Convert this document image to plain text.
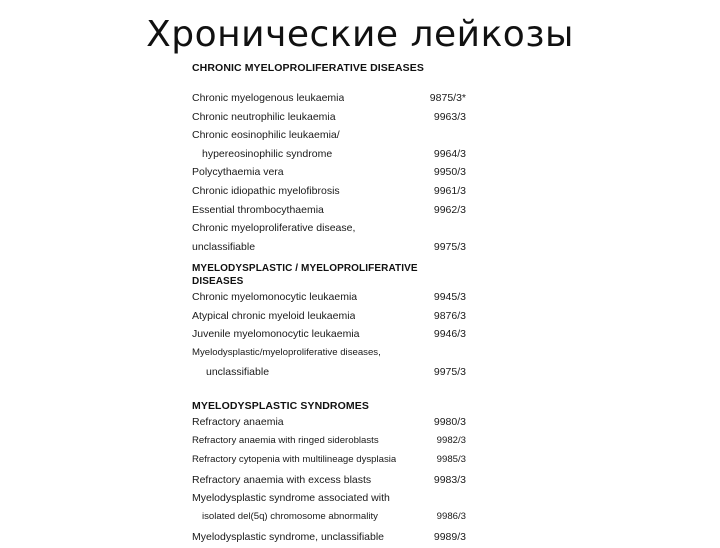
Хронические лейкозы
CHRONIC MYELOPROLIFERATIVE DISEASES
Chronic myelogenous leukaemia	9875/3*
Chronic neutrophilic leukaemia	9963/3
Chronic eosinophilic leukaemia/
hypereosinophilic syndrome	9964/3
Polycythaemia vera	9950/3
Chronic idiopathic myelofibrosis	9961/3
Essential thrombocythaemia	9962/3
Chronic myeloproliferative disease,
unclassifiable	9975/3
MYELODYSPLASTIC / MYELOPROLIFERATIVE
DISEASES
Chronic myelomonocytic leukaemia	9945/3
Atypical chronic myeloid leukaemia	9876/3
Juvenile myelomonocytic leukaemia	9946/3
Myelodysplastic/myeloproliferative diseases,
unclassifiable	9975/3
MYELODYSPLASTIC SYNDROMES
Refractory anaemia	9980/3
Refractory anaemia with ringed sideroblasts	9982/3
Refractory cytopenia with multilineage dysplasia	9985/3
Refractory anaemia with excess blasts	9983/3
Myelodysplastic syndrome associated with
isolated del(5q) chromosome abnormality	9986/3
Myelodysplastic syndrome, unclassifiable	9989/3
